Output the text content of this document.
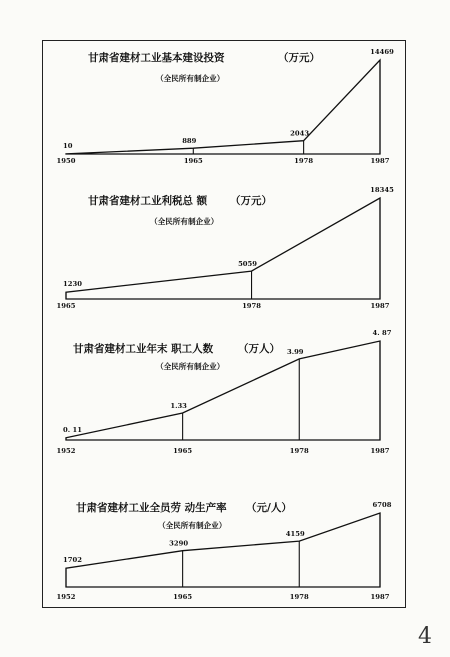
甘肃省建材工业基本建设投资	（万元）
（全民所有制企业）
10
889
2043
14469
1950	1965	1978	1987
甘肃省建材工业利税总 额 （万元）
（全民所有制企业）
1230
5059
18345
1965	1978	1987
甘肃省建材工业年末 职工人数 （万人）
（全民所有制企业）
0. 11
1.33
3.99
4. 87
1952	1965	1978	1987
甘肃省建材工业全员劳 动生产率 （元/人）
（全民所有制企业）
1702
3290
4159
6708
1952	1965	1978	1987
4
